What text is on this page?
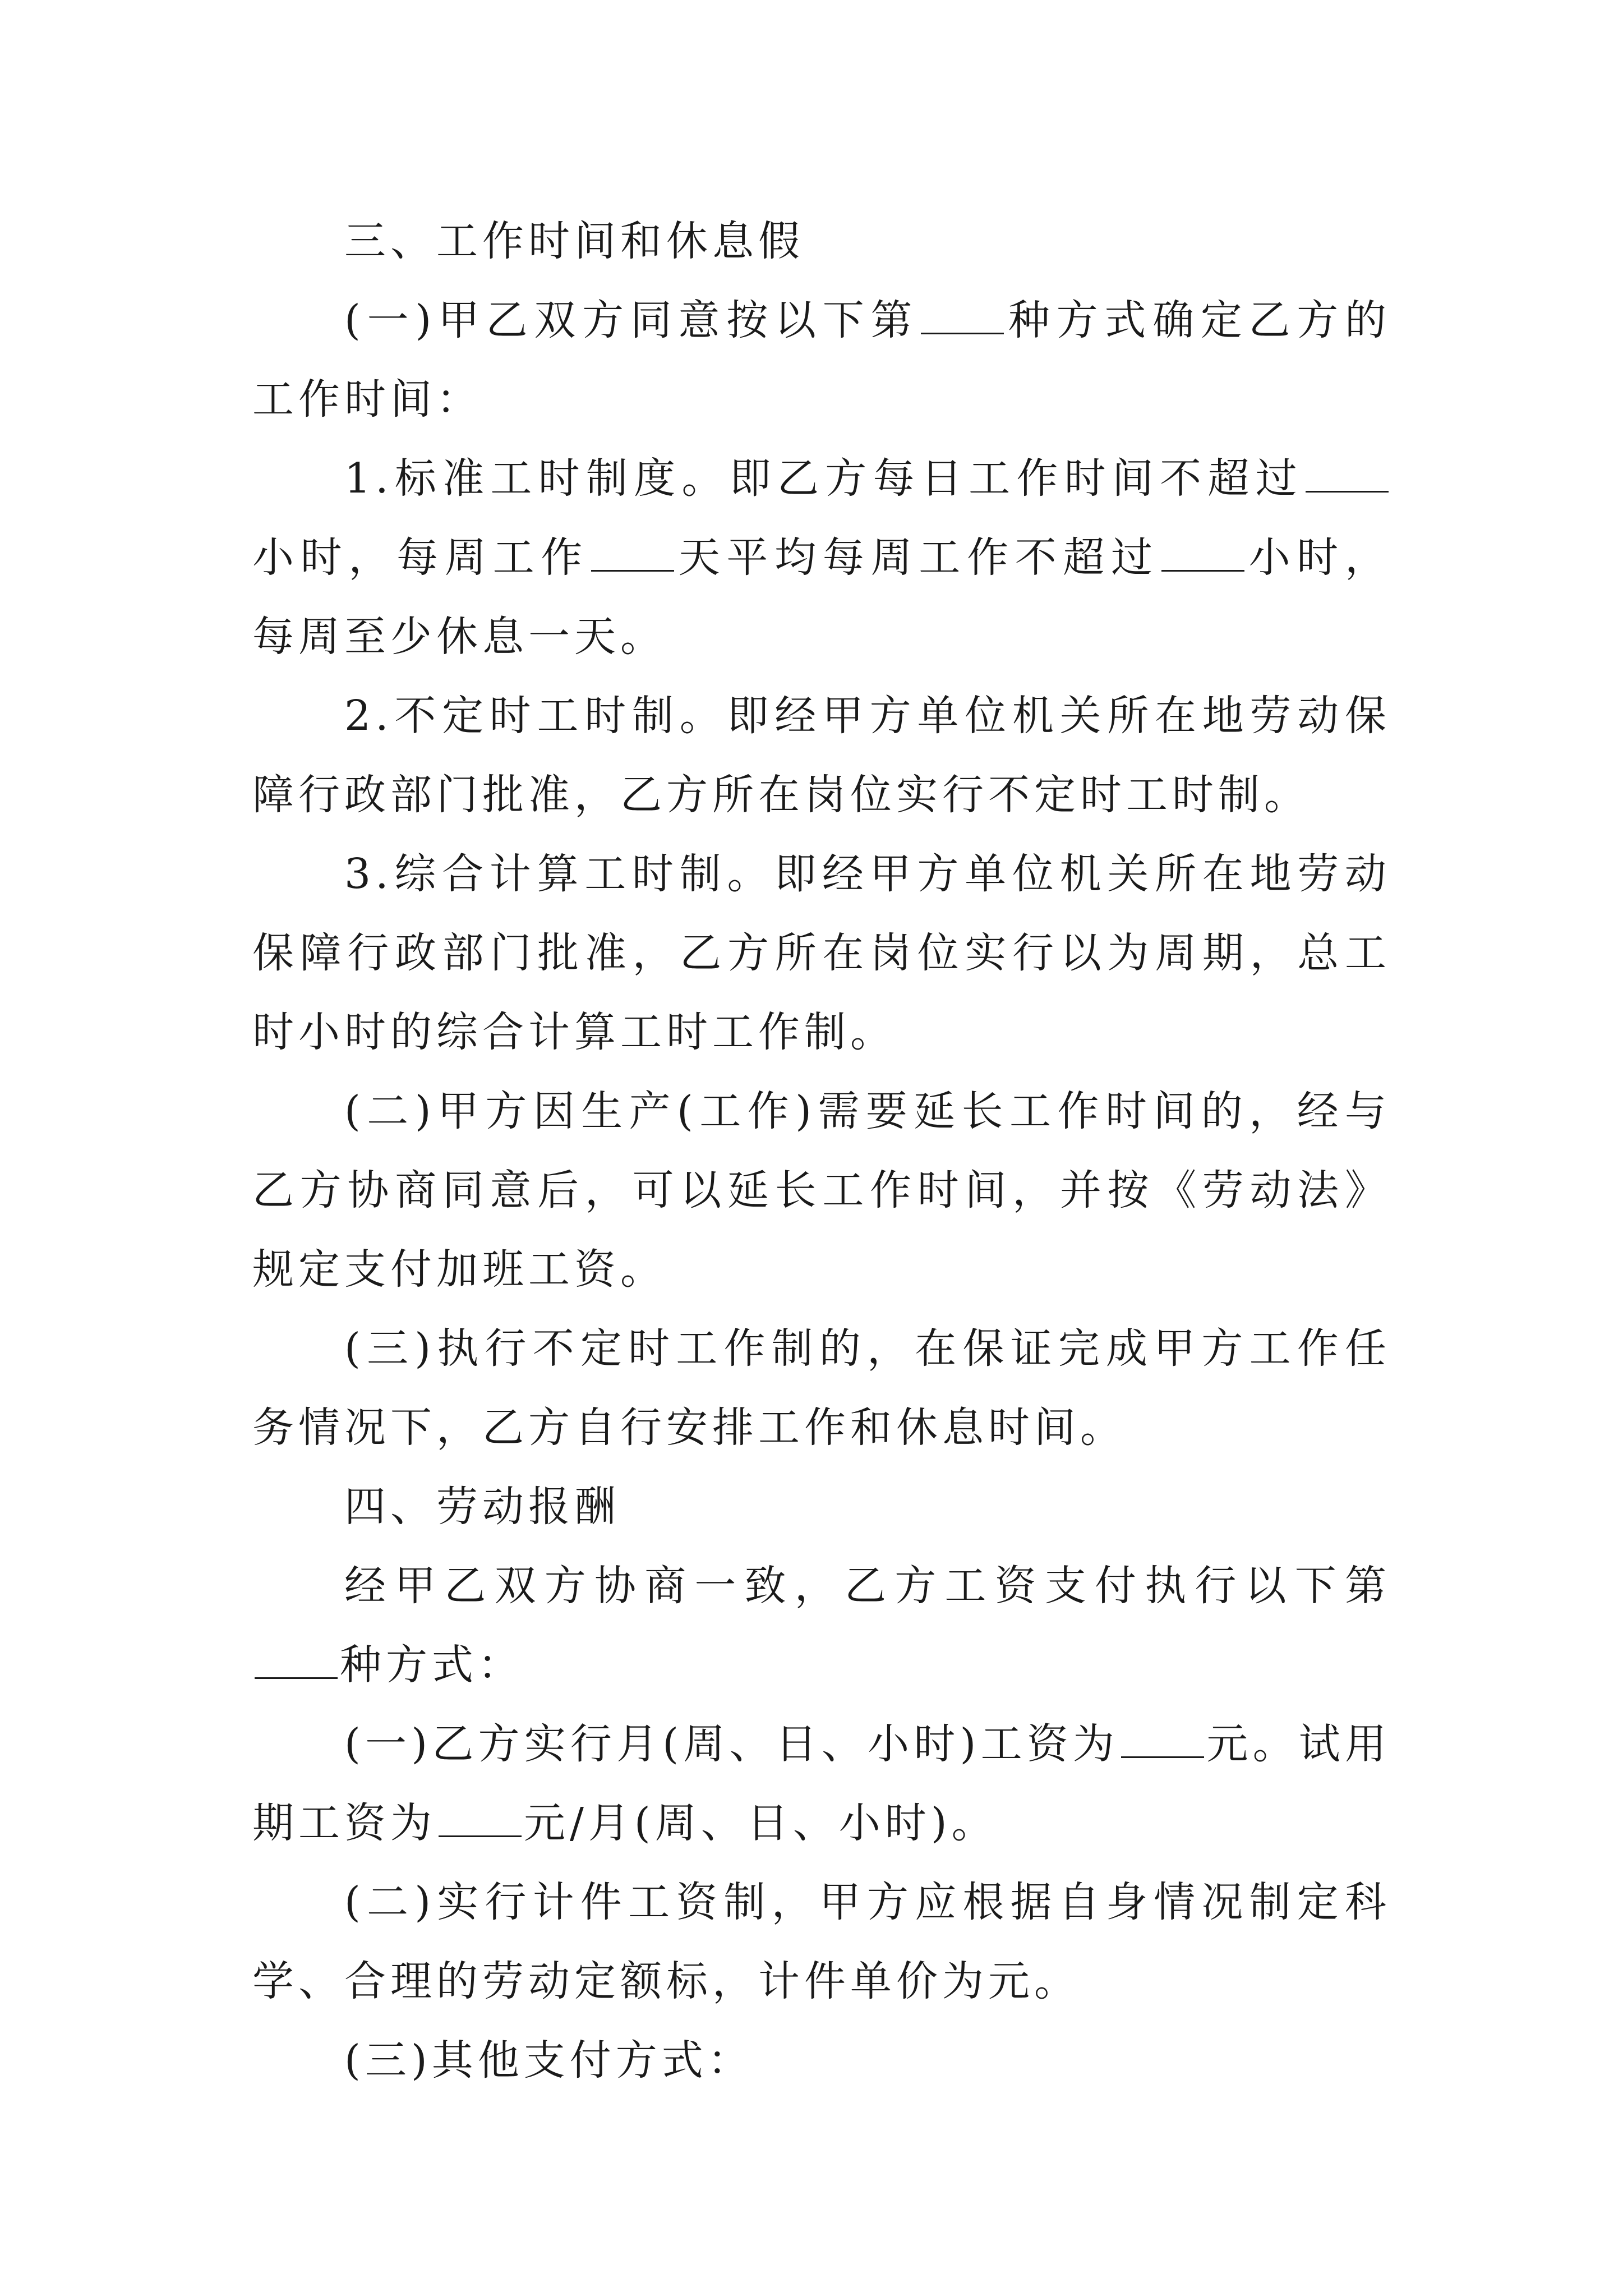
三、工作时间和休息假

(一)甲乙双方同意按以下第 种方式确定乙方的工作时间：

1.标准工时制度。即乙方每日工作时间不超过小时，每周工作 天平均每周工作不超过 小时，每周至少休息一天。

2.不定时工时制。即经甲方单位机关所在地劳动保障行政部门批准，乙方所在岗位实行不定时工时制。

3.综合计算工时制。即经甲方单位机关所在地劳动保障行政部门批准，乙方所在岗位实行以为周期，总工时小时的综合计算工时工作制。

(二)甲方因生产(工作)需要延长工作时间的，经与乙方协商同意后，可以延长工作时间，并按《劳动法》规定支付加班工资。

(三)执行不定时工作制的，在保证完成甲方工作任务情况下，乙方自行安排工作和休息时间。

四、劳动报酬

经甲乙双方协商一致，乙方工资支付执行以下第种方式：

(一)乙方实行月(周、日、小时)工资为 元。试用期工资为 元/月(周、日、小时)。

(二)实行计件工资制，甲方应根据自身情况制定科学、合理的劳动定额标，计件单价为元。

(三)其他支付方式：
